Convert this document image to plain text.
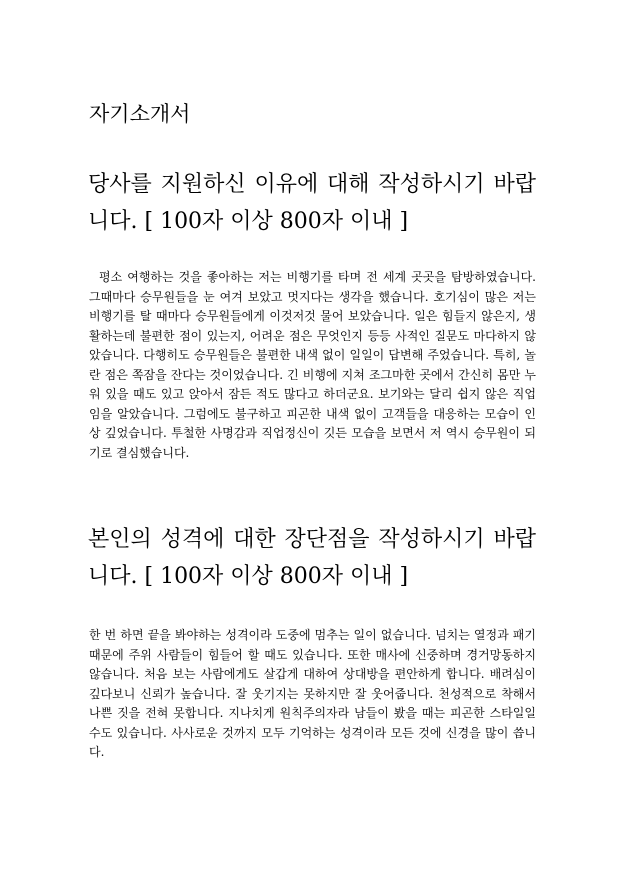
자기소개서
당사를 지원하신 이유에 대해 작성하시기 바랍니다. [ 100자 이상 800자 이내 ]

평소 여행하는 것을 좋아하는 저는 비행기를 타며 전 세계 곳곳을 탐방하였습니다. 그때마다 승무원들을 눈 여겨 보았고 멋지다는 생각을 했습니다. 호기심이 많은 저는 비행기를 탈 때마다 승무원들에게 이것저것 물어 보았습니다. 일은 힘들지 않은지, 생활하는데 불편한 점이 있는지, 어려운 점은 무엇인지 등등 사적인 질문도 마다하지 않았습니다. 다행히도 승무원들은 불편한 내색 없이 일일이 답변해 주었습니다. 특히, 놀란 점은 쪽잠을 잔다는 것이었습니다. 긴 비행에 지쳐 조그마한 곳에서 간신히 몸만 누워 있을 때도 있고 앉아서 잠든 적도 많다고 하더군요. 보기와는 달리 쉽지 않은 직업임을 알았습니다. 그럼에도 불구하고 피곤한 내색 없이 고객들을 대응하는 모습이 인상 깊었습니다. 투철한 사명감과 직업정신이 깃든 모습을 보면서 저 역시 승무원이 되기로 결심했습니다.

본인의 성격에 대한 장단점을 작성하시기 바랍니다. [ 100자 이상 800자 이내 ]

한 번 하면 끝을 봐야하는 성격이라 도중에 멈추는 일이 없습니다. 넘치는 열정과 패기 때문에 주위 사람들이 힘들어 할 때도 있습니다. 또한 매사에 신중하며 경거망동하지 않습니다. 처음 보는 사람에게도 살갑게 대하여 상대방을 편안하게 합니다. 배려심이 깊다보니 신뢰가 높습니다. 잘 웃기지는 못하지만 잘 웃어줍니다. 천성적으로 착해서 나쁜 짓을 전혀 못합니다. 지나치게 원칙주의자라 남들이 봤을 때는 피곤한 스타일일수도 있습니다. 사사로운 것까지 모두 기억하는 성격이라 모든 것에 신경을 많이 씁니다.
